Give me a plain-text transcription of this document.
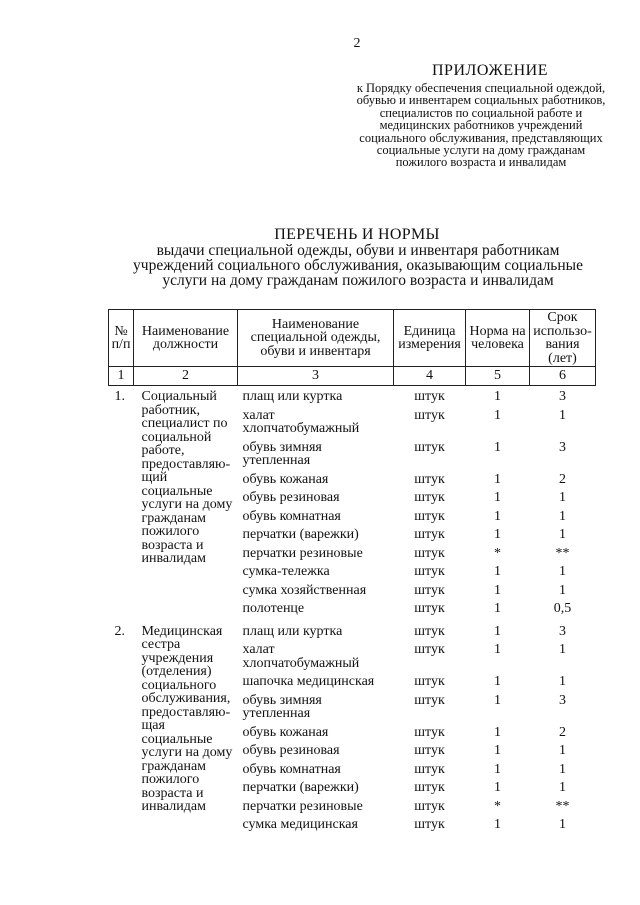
2
ПРИЛОЖЕНИЕ
к Порядку обеспечения специальной одеждой, обувью и инвентарем социальных работников, специалистов по социальной работе и медицинских работников учреждений социального обслуживания, представляющих социальные услуги на дому гражданам пожилого возраста и инвалидам
ПЕРЕЧЕНЬ И НОРМЫ
выдачи специальной одежды, обуви и инвентаря работникам учреждений социального обслуживания, оказывающим социальные услуги на дому гражданам пожилого возраста и инвалидам
№ п/п	Наименование должности	Наименование специальной одежды, обуви и инвентаря	Единица измерения	Норма на человека	Срок использо-вания (лет)
1	2	3	4	5	6

1.	Социальный работник, специалист по социальной работе, предоставляю-щий социальные услуги на дому гражданам пожилого возраста и инвалидам	плащ или куртка	штук	1	3
		халат хлопчатобумажный	штук	1	1
		обувь зимняя утепленная	штук	1	3
		обувь кожаная	штук	1	2
		обувь резиновая	штук	1	1
		обувь комнатная	штук	1	1
		перчатки (варежки)	штук	1	1
		перчатки резиновые	штук	*	**
		сумка-тележка	штук	1	1
		сумка хозяйственная	штук	1	1
		полотенце	штук	1	0,5

2.	Медицинская сестра учреждения (отделения) социального обслуживания, предоставляю-щая социальные услуги на дому гражданам пожилого возраста и инвалидам	плащ или куртка	штук	1	3
		халат хлопчатобумажный	штук	1	1
		шапочка медицинская	штук	1	1
		обувь зимняя утепленная	штук	1	3
		обувь кожаная	штук	1	2
		обувь резиновая	штук	1	1
		обувь комнатная	штук	1	1
		перчатки (варежки)	штук	1	1
		перчатки резиновые	штук	*	**
		сумка медицинская	штук	1	1
